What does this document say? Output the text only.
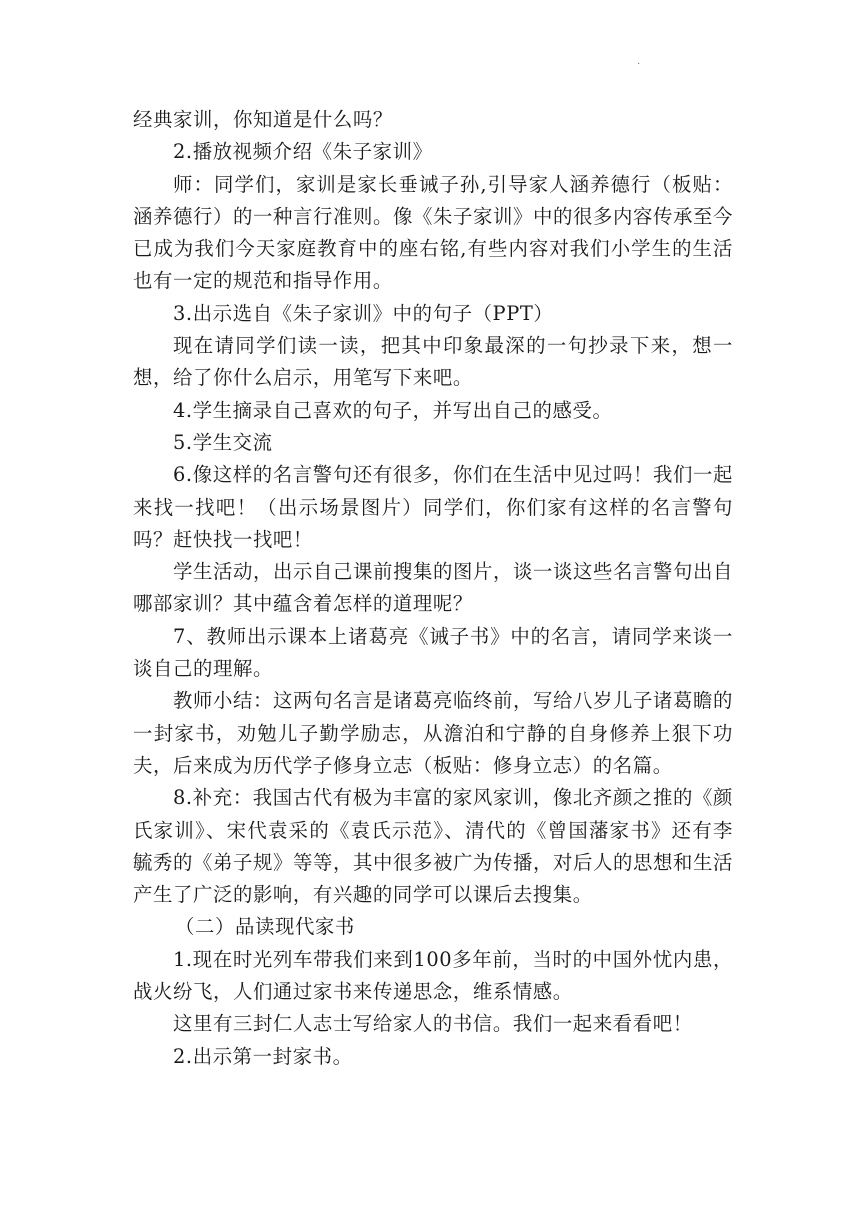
·

经典家训，你知道是什么吗？

2.播放视频介绍《朱子家训》

师：同学们，家训是家长垂诫子孙,引导家人涵养德行（板贴：涵养德行）的一种言行准则。像《朱子家训》中的很多内容传承至今已成为我们今天家庭教育中的座右铭,有些内容对我们小学生的生活也有一定的规范和指导作用。

3.出示选自《朱子家训》中的句子（PPT）

现在请同学们读一读，把其中印象最深的一句抄录下来，想一想，给了你什么启示，用笔写下来吧。

4.学生摘录自己喜欢的句子，并写出自己的感受。

5.学生交流

6.像这样的名言警句还有很多，你们在生活中见过吗！我们一起来找一找吧！（出示场景图片）同学们，你们家有这样的名言警句吗？赶快找一找吧！

学生活动，出示自己课前搜集的图片，谈一谈这些名言警句出自哪部家训？其中蕴含着怎样的道理呢？

7、教师出示课本上诸葛亮《诫子书》中的名言，请同学来谈一谈自己的理解。

教师小结：这两句名言是诸葛亮临终前，写给八岁儿子诸葛瞻的一封家书，劝勉儿子勤学励志，从澹泊和宁静的自身修养上狠下功夫，后来成为历代学子修身立志（板贴：修身立志）的名篇。

8.补充：我国古代有极为丰富的家风家训，像北齐颜之推的《颜氏家训》、宋代袁采的《袁氏示范》、清代的《曾国藩家书》还有李毓秀的《弟子规》等等，其中很多被广为传播，对后人的思想和生活产生了广泛的影响，有兴趣的同学可以课后去搜集。

（二）品读现代家书

1.现在时光列车带我们来到100多年前，当时的中国外忧内患，战火纷飞，人们通过家书来传递思念，维系情感。

这里有三封仁人志士写给家人的书信。我们一起来看看吧！

2.出示第一封家书。
